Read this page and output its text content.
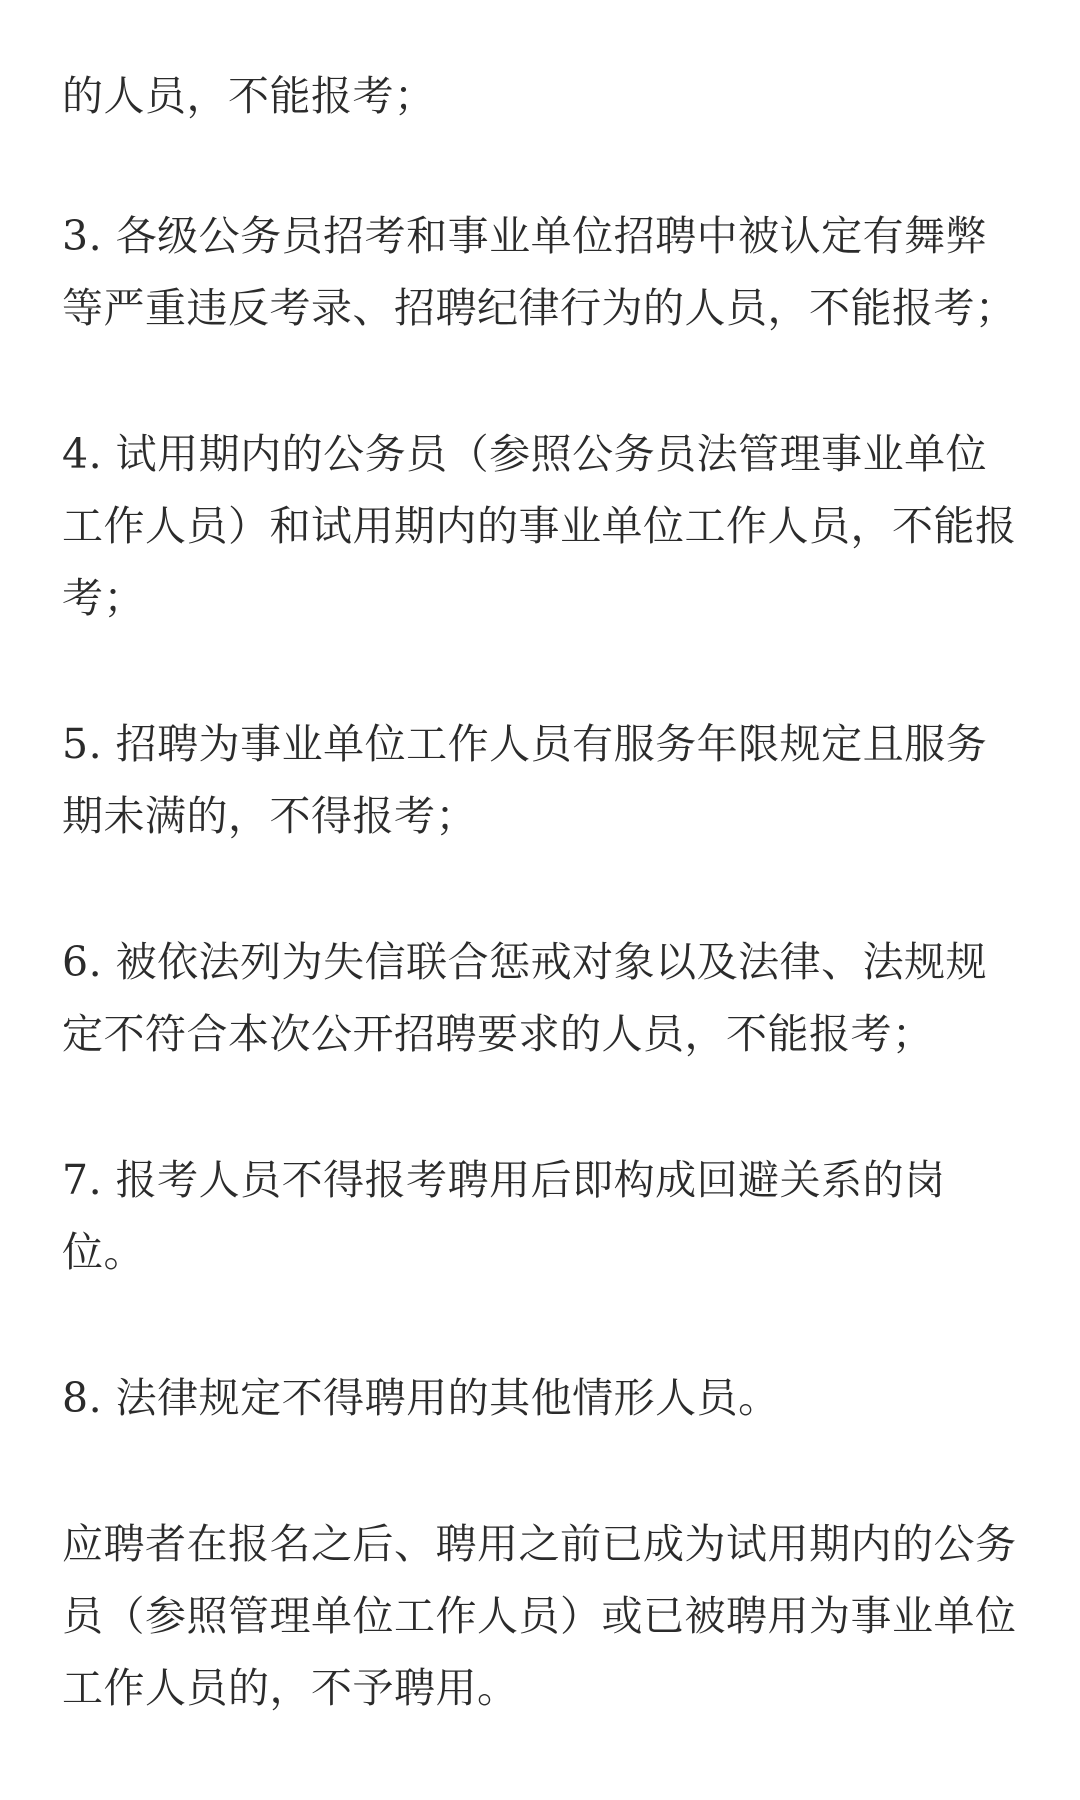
的人员，不能报考；

3. 各级公务员招考和事业单位招聘中被认定有舞弊
等严重违反考录、招聘纪律行为的人员，不能报考；

4. 试用期内的公务员（参照公务员法管理事业单位
工作人员）和试用期内的事业单位工作人员，不能报
考；

5. 招聘为事业单位工作人员有服务年限规定且服务
期未满的，不得报考；

6. 被依法列为失信联合惩戒对象以及法律、法规规
定不符合本次公开招聘要求的人员，不能报考；

7. 报考人员不得报考聘用后即构成回避关系的岗
位。

8. 法律规定不得聘用的其他情形人员。

应聘者在报名之后、聘用之前已成为试用期内的公务
员（参照管理单位工作人员）或已被聘用为事业单位
工作人员的，不予聘用。
